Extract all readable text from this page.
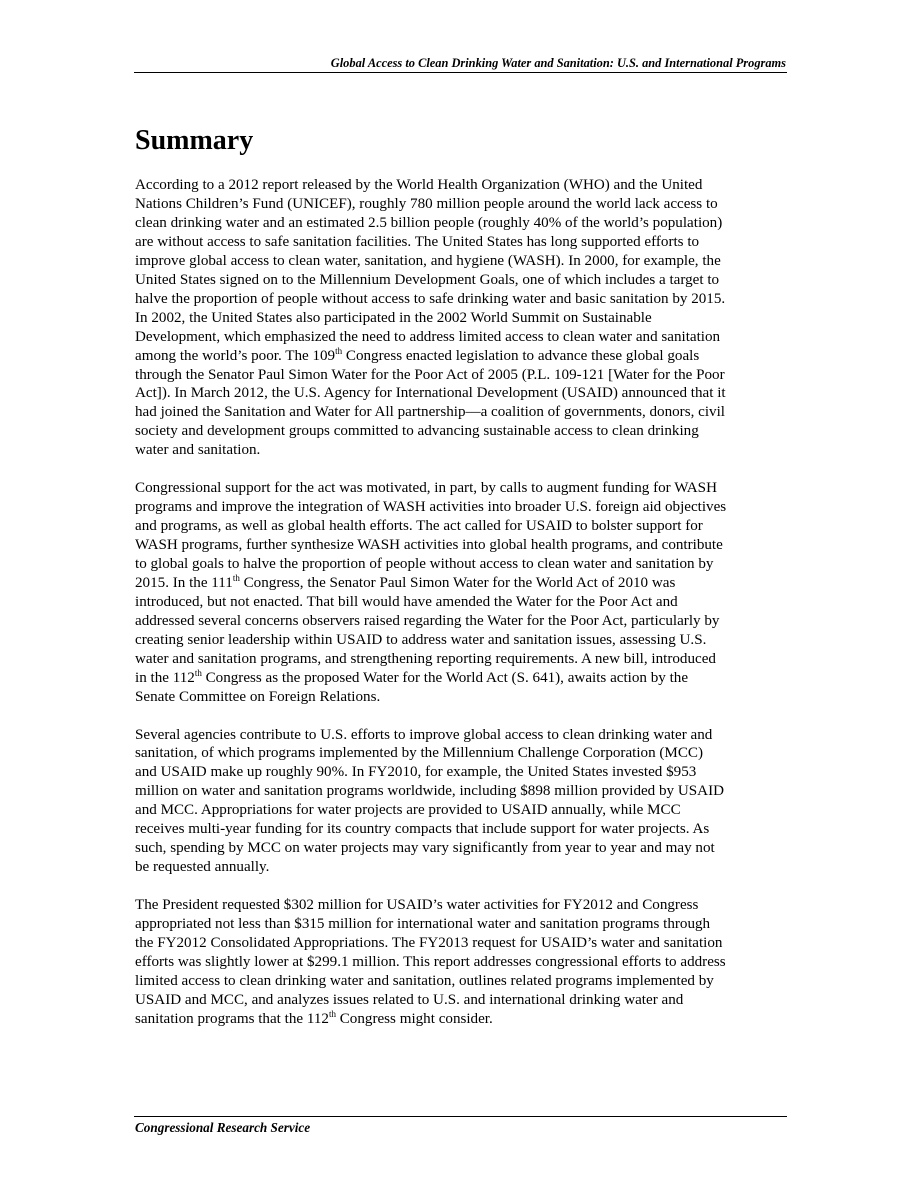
Global Access to Clean Drinking Water and Sanitation: U.S. and International Programs
Summary

According to a 2012 report released by the World Health Organization (WHO) and the United
Nations Children’s Fund (UNICEF), roughly 780 million people around the world lack access to
clean drinking water and an estimated 2.5 billion people (roughly 40% of the world’s population)
are without access to safe sanitation facilities. The United States has long supported efforts to
improve global access to clean water, sanitation, and hygiene (WASH). In 2000, for example, the
United States signed on to the Millennium Development Goals, one of which includes a target to
halve the proportion of people without access to safe drinking water and basic sanitation by 2015.
In 2002, the United States also participated in the 2002 World Summit on Sustainable
Development, which emphasized the need to address limited access to clean water and sanitation
among the world’s poor. The 109th Congress enacted legislation to advance these global goals
through the Senator Paul Simon Water for the Poor Act of 2005 (P.L. 109-121 [Water for the Poor
Act]). In March 2012, the U.S. Agency for International Development (USAID) announced that it
had joined the Sanitation and Water for All partnership—a coalition of governments, donors, civil
society and development groups committed to advancing sustainable access to clean drinking
water and sanitation.

Congressional support for the act was motivated, in part, by calls to augment funding for WASH
programs and improve the integration of WASH activities into broader U.S. foreign aid objectives
and programs, as well as global health efforts. The act called for USAID to bolster support for
WASH programs, further synthesize WASH activities into global health programs, and contribute
to global goals to halve the proportion of people without access to clean water and sanitation by
2015. In the 111th Congress, the Senator Paul Simon Water for the World Act of 2010 was
introduced, but not enacted. That bill would have amended the Water for the Poor Act and
addressed several concerns observers raised regarding the Water for the Poor Act, particularly by
creating senior leadership within USAID to address water and sanitation issues, assessing U.S.
water and sanitation programs, and strengthening reporting requirements. A new bill, introduced
in the 112th Congress as the proposed Water for the World Act (S. 641), awaits action by the
Senate Committee on Foreign Relations.

Several agencies contribute to U.S. efforts to improve global access to clean drinking water and
sanitation, of which programs implemented by the Millennium Challenge Corporation (MCC)
and USAID make up roughly 90%. In FY2010, for example, the United States invested $953
million on water and sanitation programs worldwide, including $898 million provided by USAID
and MCC. Appropriations for water projects are provided to USAID annually, while MCC
receives multi-year funding for its country compacts that include support for water projects. As
such, spending by MCC on water projects may vary significantly from year to year and may not
be requested annually.

The President requested $302 million for USAID’s water activities for FY2012 and Congress
appropriated not less than $315 million for international water and sanitation programs through
the FY2012 Consolidated Appropriations. The FY2013 request for USAID’s water and sanitation
efforts was slightly lower at $299.1 million. This report addresses congressional efforts to address
limited access to clean drinking water and sanitation, outlines related programs implemented by
USAID and MCC, and analyzes issues related to U.S. and international drinking water and
sanitation programs that the 112th Congress might consider.

Congressional Research Service
